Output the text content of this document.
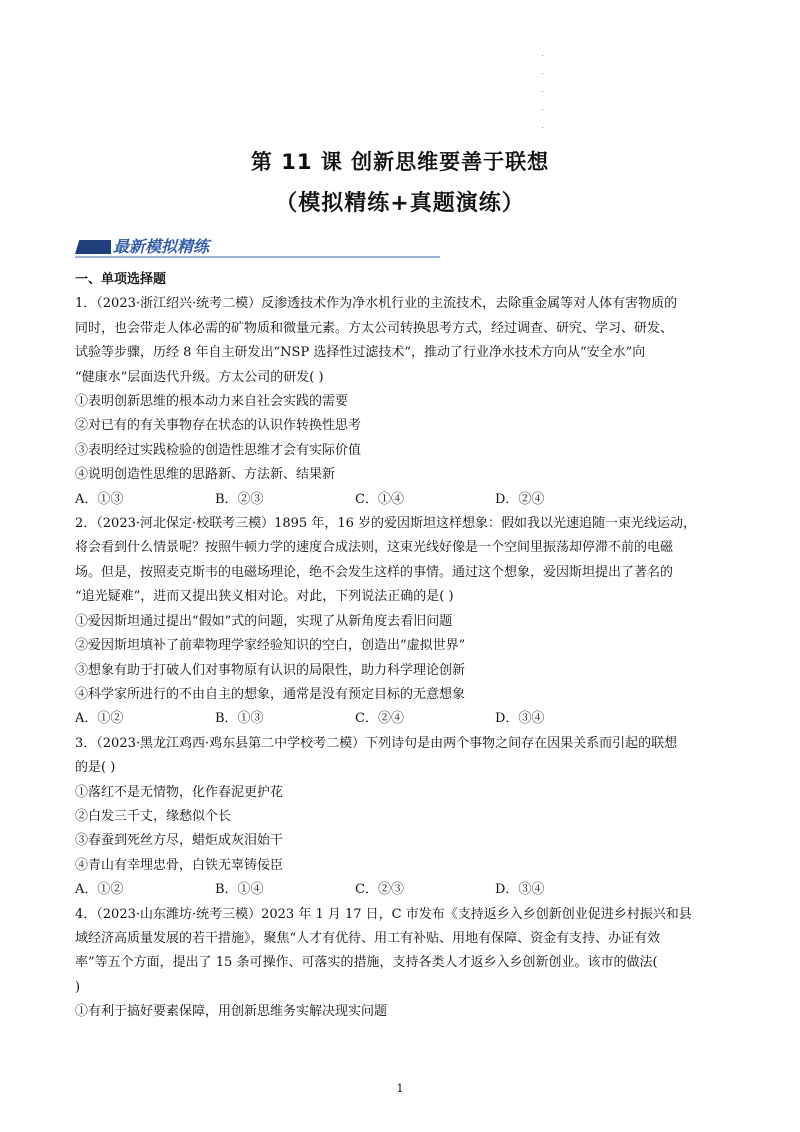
第 11 课 创新思维要善于联想
（模拟精练+真题演练）
最新模拟精练

一、单项选择题

1．（2023·浙江绍兴·统考二模）反渗透技术作为净水机行业的主流技术，去除重金属等对人体有害物质的

同时，也会带走人体必需的矿物质和微量元素。方太公司转换思考方式，经过调查、研究、学习、研发、

试验等步骤，历经 8 年自主研发出“NSP 选择性过滤技术”，推动了行业净水技术方向从“安全水”向

“健康水”层面迭代升级。方太公司的研发( )

①表明创新思维的根本动力来自社会实践的需要

②对已有的有关事物存在状态的认识作转换性思考

③表明经过实践检验的创造性思维才会有实际价值

④说明创造性思维的思路新、方法新、结果新

A．①③	B．②③	C．①④	D．②④

2．（2023·河北保定·校联考三模）1895 年，16 岁的爱因斯坦这样想象：假如我以光速追随一束光线运动，

将会看到什么情景呢？按照牛顿力学的速度合成法则，这束光线好像是一个空间里振荡却停滞不前的电磁

场。但是，按照麦克斯韦的电磁场理论，绝不会发生这样的事情。通过这个想象，爱因斯坦提出了著名的

“追光疑难”，进而又提出狭义相对论。对此，下列说法正确的是( )

①爱因斯坦通过提出“假如”式的问题，实现了从新角度去看旧问题

②爱因斯坦填补了前辈物理学家经验知识的空白，创造出“虚拟世界”

③想象有助于打破人们对事物原有认识的局限性，助力科学理论创新

④科学家所进行的不由自主的想象，通常是没有预定目标的无意想象

A．①②	B．①③	C．②④	D．③④

3．（2023·黑龙江鸡西·鸡东县第二中学校考二模）下列诗句是由两个事物之间存在因果关系而引起的联想

的是( )

①落红不是无情物，化作春泥更护花

②白发三千丈，缘愁似个长

③春蚕到死丝方尽，蜡炬成灰泪始干

④青山有幸埋忠骨，白铁无辜铸佞臣

A．①②	B．①④	C．②③	D．③④

4．（2023·山东潍坊·统考三模）2023 年 1 月 17 日，C 市发布《支持返乡入乡创新创业促进乡村振兴和县

域经济高质量发展的若干措施》，聚焦“人才有优待、用工有补贴、用地有保障、资金有支持、办证有效

率”等五个方面，提出了 15 条可操作、可落实的措施，支持各类人才返乡入乡创新创业。该市的做法(

)

①有利于搞好要素保障，用创新思维务实解决现实问题

1
